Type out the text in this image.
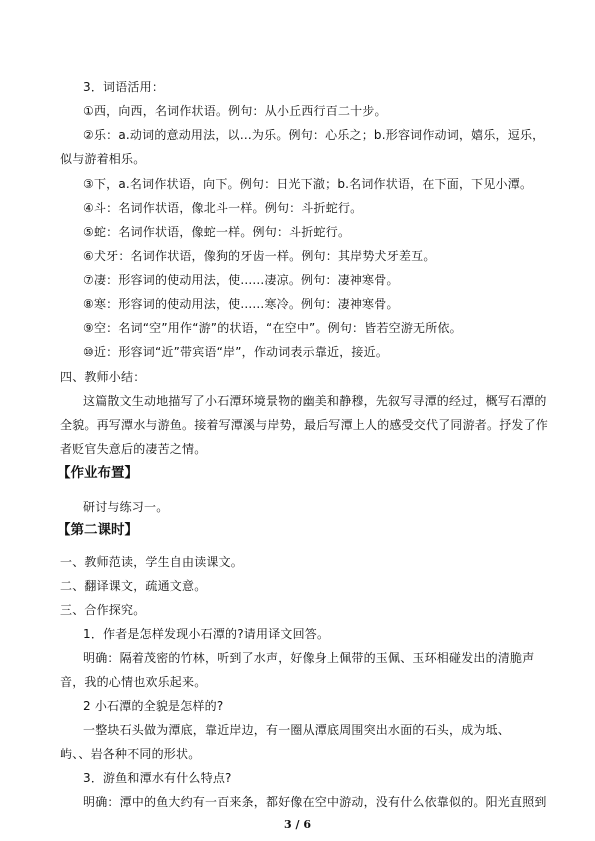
3．词语活用：
①西，向西，名词作状语。例句：从小丘西行百二十步。
②乐：a.动词的意动用法，以…为乐。例句：心乐之；b.形容词作动词，嬉乐，逗乐，
似与游着相乐。
③下，a.名词作状语，向下。例句：日光下澈；b.名词作状语，在下面，下见小潭。
④斗：名词作状语，像北斗一样。例句：斗折蛇行。
⑤蛇：名词作状语，像蛇一样。例句：斗折蛇行。
⑥犬牙：名词作状语，像狗的牙齿一样。例句：其岸势犬牙差互。
⑦凄：形容词的使动用法，使......凄凉。例句：凄神寒骨。
⑧寒：形容词的使动用法，使......寒冷。例句：凄神寒骨。
⑨空：名词“空”用作“游”的状语，“在空中”。例句：皆若空游无所依。
⑩近：形容词“近”带宾语“岸”，作动词表示靠近，接近。
四、教师小结：
这篇散文生动地描写了小石潭环境景物的幽美和静穆，先叙写寻潭的经过，概写石潭的
全貌。再写潭水与游鱼。接着写潭溪与岸势，最后写潭上人的感受交代了同游者。抒发了作
者贬官失意后的凄苦之情。
【作业布置】
研讨与练习一。
【第二课时】
一、教师范读，学生自由读课文。
二、翻译课文，疏通文意。
三、合作探究。
1．作者是怎样发现小石潭的?请用译文回答。
明确：隔着茂密的竹林，听到了水声，好像身上佩带的玉佩、玉环相碰发出的清脆声
音，我的心情也欢乐起来。
2 小石潭的全貌是怎样的?
一整块石头做为潭底，靠近岸边，有一圈从潭底周围突出水面的石头，成为坻、
屿、、岩各种不同的形状。
3．游鱼和潭水有什么特点?
明确：潭中的鱼大约有一百来条，都好像在空中游动，没有什么依靠似的。阳光直照到
3 / 6
